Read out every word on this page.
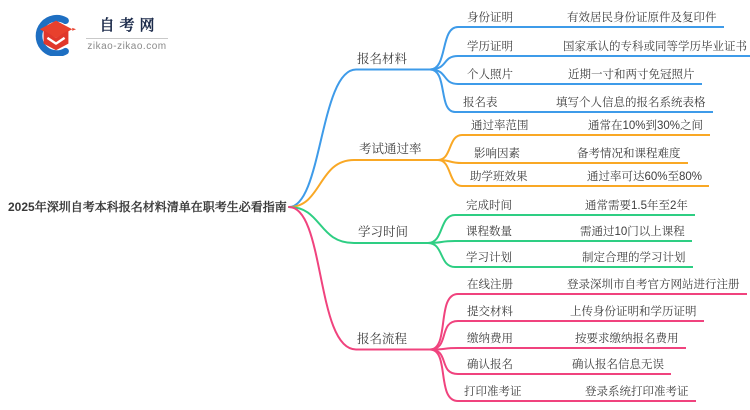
自考网
zikao-zikao.com
2025年深圳自考本科报名材料清单在职考生必看指南
报名材料
考试通过率
学习时间
报名流程
身份证明	有效居民身份证原件及复印件
学历证明	国家承认的专科或同等学历毕业证书
个人照片	近期一寸和两寸免冠照片
报名表	填写个人信息的报名系统表格
通过率范围	通常在10%到30%之间
影响因素	备考情况和课程难度
助学班效果	通过率可达60%至80%
完成时间	通常需要1.5年至2年
课程数量	需通过10门以上课程
学习计划	制定合理的学习计划
在线注册	登录深圳市自考官方网站进行注册
提交材料	上传身份证明和学历证明
缴纳费用	按要求缴纳报名费用
确认报名	确认报名信息无误
打印准考证	登录系统打印准考证
